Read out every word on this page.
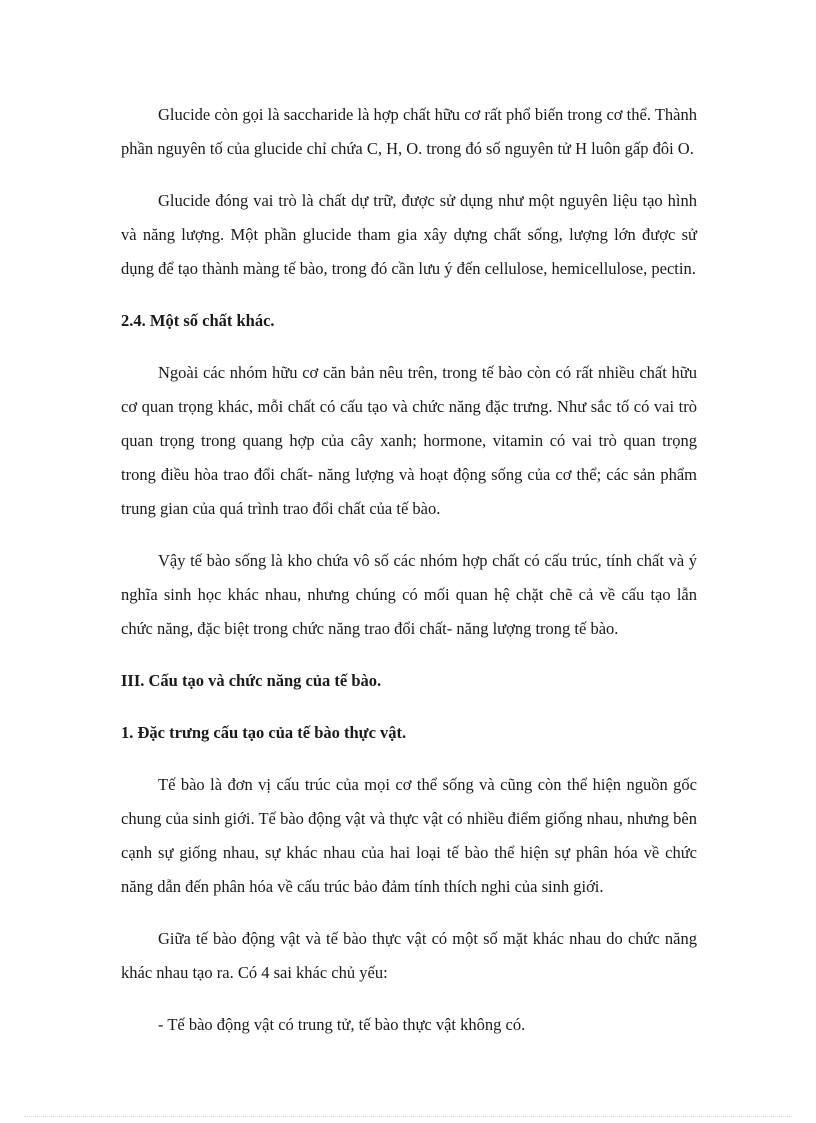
Glucide còn gọi là saccharide là hợp chất hữu cơ rất phổ biến trong cơ thể. Thành phần nguyên tố của glucide chỉ chứa C, H, O. trong đó số nguyên tử H luôn gấp đôi O.

Glucide đóng vai trò là chất dự trữ, được sử dụng như một nguyên liệu tạo hình và năng lượng. Một phần glucide tham gia xây dựng chất sống, lượng lớn được sử dụng để tạo thành màng tế bào, trong đó cần lưu ý đến cellulose, hemicellulose, pectin.

2.4. Một số chất khác.

Ngoài các nhóm hữu cơ căn bản nêu trên, trong tế bào còn có rất nhiều chất hữu cơ quan trọng khác, mỗi chất có cấu tạo và chức năng đặc trưng. Như sắc tố có vai trò quan trọng trong quang hợp của cây xanh; hormone, vitamin có vai trò quan trọng trong điều hòa trao đổi chất- năng lượng và hoạt động sống của cơ thể; các sản phẩm trung gian của quá trình trao đổi chất của tế bào.

Vậy tế bào sống là kho chứa vô số các nhóm hợp chất có cấu trúc, tính chất và ý nghĩa sinh học khác nhau, nhưng chúng có mối quan hệ chặt chẽ cả về cấu tạo lẫn chức năng, đặc biệt trong chức năng trao đổi chất- năng lượng trong tế bào.

III. Cấu tạo và chức năng của tế bào.

1. Đặc trưng cấu tạo của tế bào thực vật.

Tế bào là đơn vị cấu trúc của mọi cơ thể sống và cũng còn thể hiện nguồn gốc chung của sinh giới. Tế bào động vật và thực vật có nhiều điểm giống nhau, nhưng bên cạnh sự giống nhau, sự khác nhau của hai loại tế bào thể hiện sự phân hóa về chức năng dẫn đến phân hóa về cấu trúc bảo đảm tính thích nghi của sinh giới.

Giữa tế bào động vật và tế bào thực vật có một số mặt khác nhau do chức năng khác nhau tạo ra. Có 4 sai khác chủ yếu:

- Tế bào động vật có trung tử, tế bào thực vật không có.
